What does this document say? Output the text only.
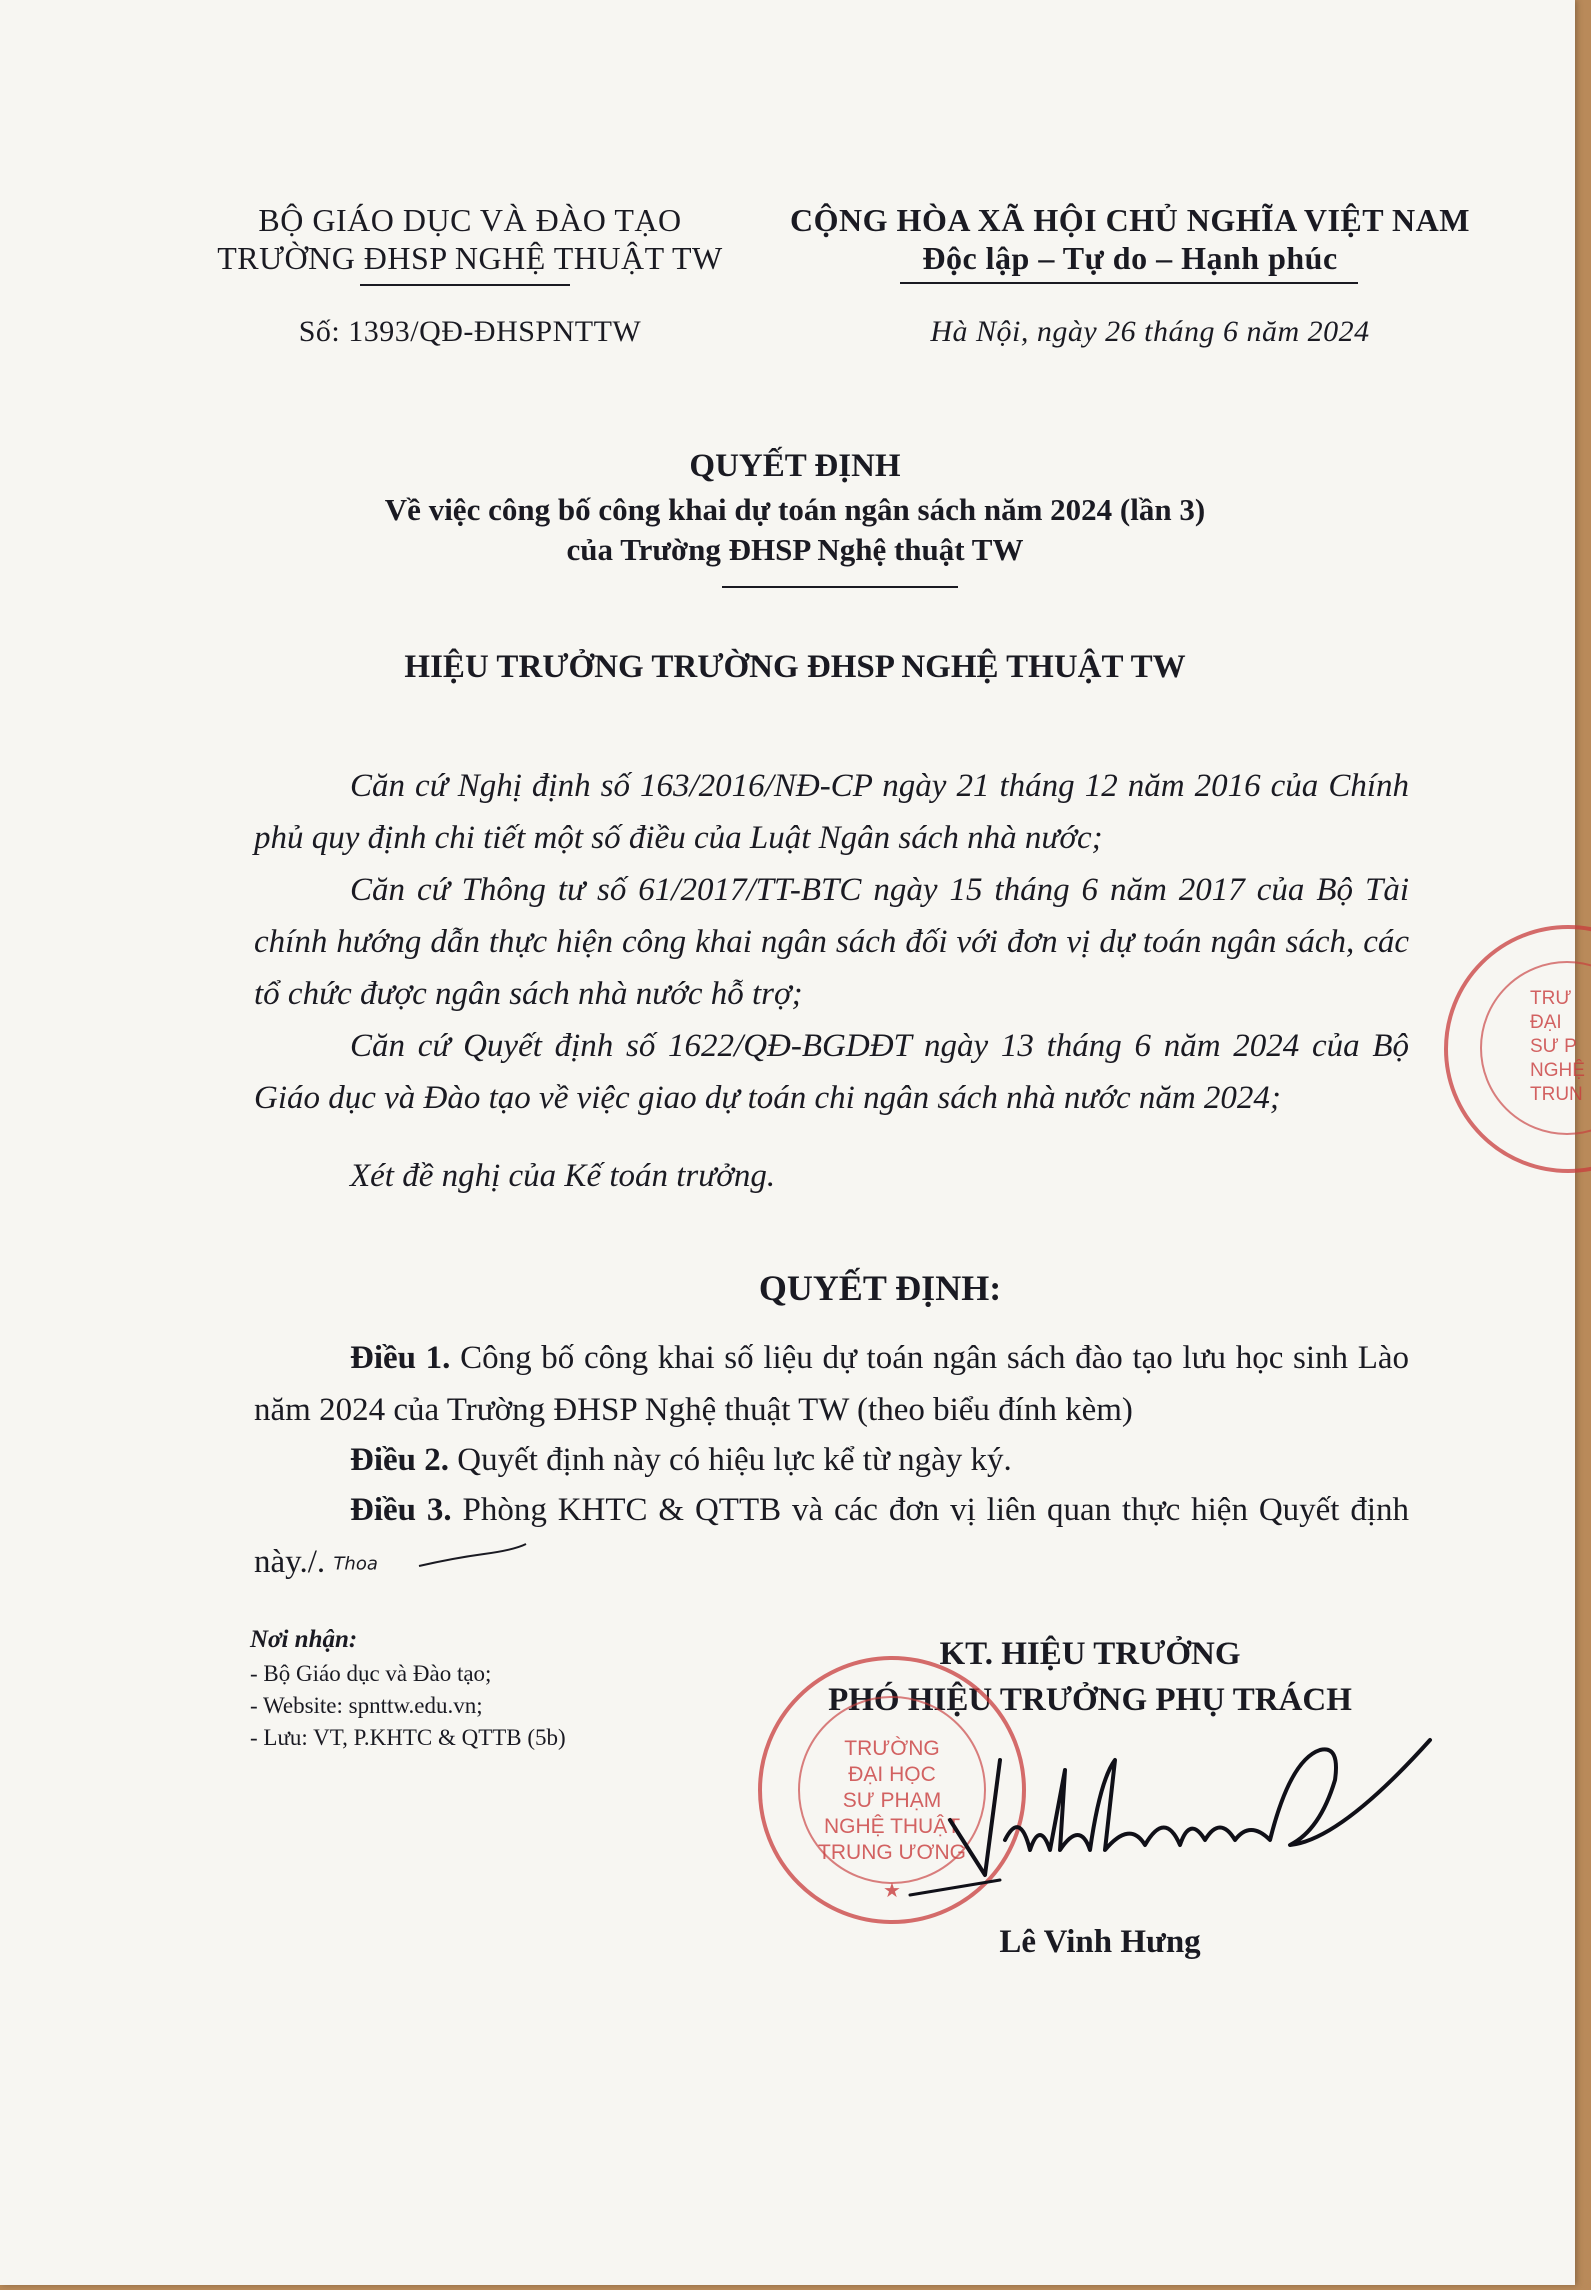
BỘ GIÁO DỤC VÀ ĐÀO TẠO
TRƯỜNG ĐHSP NGHỆ THUẬT TW
Số: 1393/QĐ-ĐHSPNTTW
CỘNG HÒA XÃ HỘI CHỦ NGHĨA VIỆT NAM
Độc lập – Tự do – Hạnh phúc
Hà Nội, ngày 26 tháng 6 năm 2024
QUYẾT ĐỊNH
Về việc công bố công khai dự toán ngân sách năm 2024 (lần 3)
của Trường ĐHSP Nghệ thuật TW
HIỆU TRƯỞNG TRƯỜNG ĐHSP NGHỆ THUẬT TW
Căn cứ Nghị định số 163/2016/NĐ-CP ngày 21 tháng 12 năm 2016 của Chính phủ quy định chi tiết một số điều của Luật Ngân sách nhà nước;
Căn cứ Thông tư số 61/2017/TT-BTC ngày 15 tháng 6 năm 2017 của Bộ Tài chính hướng dẫn thực hiện công khai ngân sách đối với đơn vị dự toán ngân sách, các tổ chức được ngân sách nhà nước hỗ trợ;
Căn cứ Quyết định số 1622/QĐ-BGDĐT ngày 13 tháng 6 năm 2024 của Bộ Giáo dục và Đào tạo về việc giao dự toán chi ngân sách nhà nước năm 2024;
Xét đề nghị của Kế toán trưởng.
QUYẾT ĐỊNH:
Điều 1. Công bố công khai số liệu dự toán ngân sách đào tạo lưu học sinh Lào năm 2024 của Trường ĐHSP Nghệ thuật TW (theo biểu đính kèm)
Điều 2. Quyết định này có hiệu lực kể từ ngày ký.
Điều 3. Phòng KHTC & QTTB và các đơn vị liên quan thực hiện Quyết định này./. Thoa
Nơi nhận:
- Bộ Giáo dục và Đào tạo;
- Website: spnttw.edu.vn;
- Lưu: VT, P.KHTC & QTTB (5b)
KT. HIỆU TRƯỞNG
PHÓ HIỆU TRƯỞNG PHỤ TRÁCH
TRƯỜNG
ĐẠI HỌC
SƯ PHẠM
NGHỆ THUẬT
TRUNG ƯƠNG
★
Lê Vinh Hưng
TRƯ
ĐẠI
SƯ P
NGHỆ
TRUN
